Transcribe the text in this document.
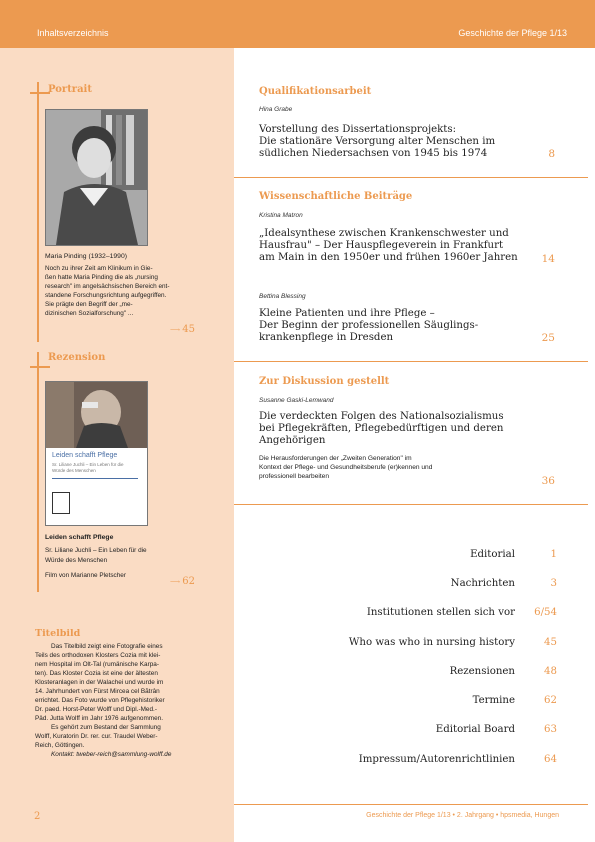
Inhaltsverzeichnis	Geschichte der Pflege 1/13
Portrait
Maria Pinding (1932–1990)
Noch zu ihrer Zeit am Klinikum in Gie-
ßen hatte Maria Pinding die als „nursing
research" im angelsächsischen Bereich ent-
standene Forschungsrichtung aufgegriffen.
Sie prägte den Begriff der „me-
dizinischen Sozialforschung" ...
⟶ 45
Rezension
Leiden schafft Pflege
Sr. Liliane Juchli – Ein Leben für die Würde des Menschen
Leiden schafft Pflege
Sr. Liliane Juchli – Ein Leben für die
Würde des Menschen
Film von Marianne Pletscher
⟶ 62
Titelbild
Das Titelbild zeigt eine Fotografie eines
Teils des orthodoxen Klosters Cozia mit klei-
nem Hospital im Olt-Tal (rumänische Karpa-
ten). Das Kloster Cozia ist eine der ältesten
Klosteranlagen in der Walachei und wurde im
14. Jahrhundert von Fürst Mircea cel Bătrân
errichtet. Das Foto wurde von Pflegehistoriker
Dr. paed. Horst-Peter Wolff und Dipl.-Med.-
Päd. Jutta Wolff im Jahr 1976 aufgenommen.
Es gehört zum Bestand der Sammlung
Wolff, Kuratorin Dr. rer. cur. Traudel Weber-
Reich, Göttingen.
Kontakt: tweber-reich@sammlung-wolff.de
Qualifikationsarbeit
Hina Grabe
Vorstellung des Dissertationsprojekts:
Die stationäre Versorgung alter Menschen im
südlichen Niedersachsen von 1945 bis 1974	8
Wissenschaftliche Beiträge
Kristina Matron
„Idealsynthese zwischen Krankenschwester und
Hausfrau" – Der Hauspflegeverein in Frankfurt
am Main in den 1950er und frühen 1960er Jahren	14
Bettina Blessing
Kleine Patienten und ihre Pflege –
Der Beginn der professionellen Säuglings-
krankenpflege in Dresden	25
Zur Diskussion gestellt
Susanne Gaski-Lemwand
Die verdeckten Folgen des Nationalsozialismus
bei Pflegekräften, Pflegebedürftigen und deren
Angehörigen
Die Herausforderungen der „Zweiten Generation" im
Kontext der Pflege- und Gesundheitsberufe (er)kennen und
professionell bearbeiten	36
Editorial	1
Nachrichten	3
Institutionen stellen sich vor 6/54
Who was who in nursing history	45
Rezensionen	48
Termine	62
Editorial Board	63
Impressum/Autorenrichtlinien	64
2	Geschichte der Pflege 1/13 • 2. Jahrgang • hpsmedia, Hungen
